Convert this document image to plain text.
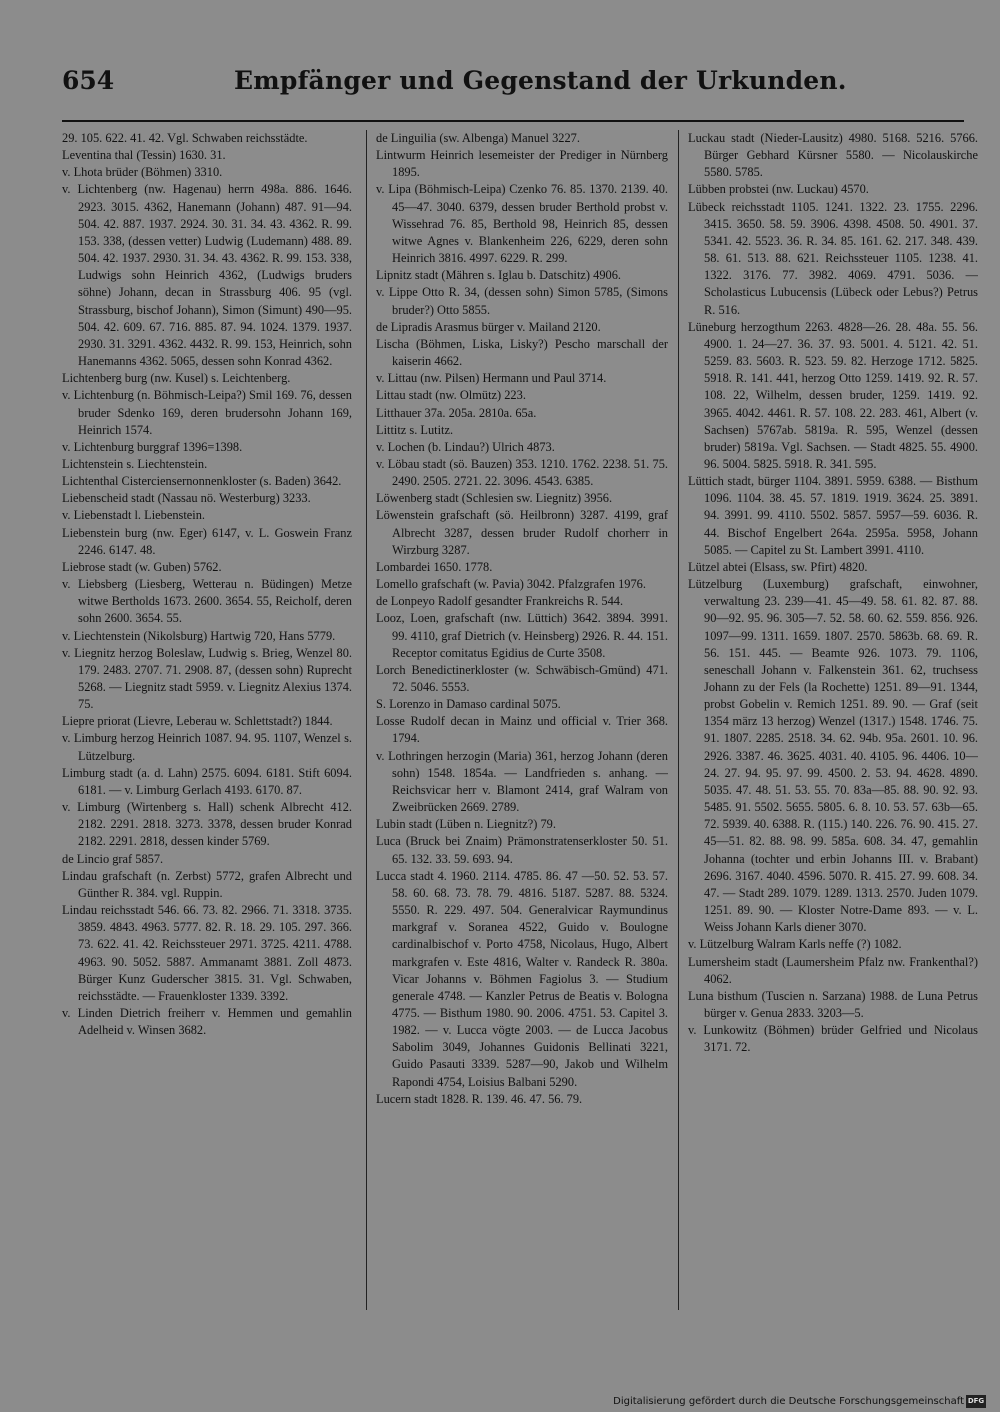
654	Empfänger und Gegenstand der Urkunden.

29. 105. 622. 41. 42. Vgl. Schwaben reichsstädte.

Leventina thal (Tessin) 1630. 31.

v. Lhota brüder (Böhmen) 3310.

v. Lichtenberg (nw. Hagenau) herrn 498a. 886. 1646. 2923. 3015. 4362, Hanemann (Johann) 487. 91—94. 504. 42. 887. 1937. 2924. 30. 31. 34. 43. 4362. R. 99. 153. 338, (dessen vetter) Ludwig (Ludemann) 488. 89. 504. 42. 1937. 2930. 31. 34. 43. 4362. R. 99. 153. 338, Ludwigs sohn Heinrich 4362, (Ludwigs bruders söhne) Johann, decan in Strassburg 406. 95 (vgl. Strassburg, bischof Johann), Simon (Simunt) 490—95. 504. 42. 609. 67. 716. 885. 87. 94. 1024. 1379. 1937. 2930. 31. 3291. 4362. 4432. R. 99. 153, Heinrich, sohn Hanemanns 4362. 5065, dessen sohn Konrad 4362.

Lichtenberg burg (nw. Kusel) s. Leichtenberg.

v. Lichtenburg (n. Böhmisch-Leipa?) Smil 169. 76, dessen bruder Sdenko 169, deren brudersohn Johann 169, Heinrich 1574.

v. Lichtenburg burggraf 1396=1398.

Lichtenstein s. Liechtenstein.

Lichtenthal Cisterciensernonnenkloster (s. Baden) 3642.

Liebenscheid stadt (Nassau nö. Westerburg) 3233.

v. Liebenstadt l. Liebenstein.

Liebenstein burg (nw. Eger) 6147, v. L. Goswein Franz 2246. 6147. 48.

Liebrose stadt (w. Guben) 5762.

v. Liebsberg (Liesberg, Wetterau n. Büdingen) Metze witwe Bertholds 1673. 2600. 3654. 55, Reicholf, deren sohn 2600. 3654. 55.

v. Liechtenstein (Nikolsburg) Hartwig 720, Hans 5779.

v. Liegnitz herzog Boleslaw, Ludwig s. Brieg, Wenzel 80. 179. 2483. 2707. 71. 2908. 87, (dessen sohn) Ruprecht 5268. — Liegnitz stadt 5959. v. Liegnitz Alexius 1374. 75.

Liepre priorat (Lievre, Leberau w. Schlettstadt?) 1844.

v. Limburg herzog Heinrich 1087. 94. 95. 1107, Wenzel s. Lützelburg.

Limburg stadt (a. d. Lahn) 2575. 6094. 6181. Stift 6094. 6181. — v. Limburg Gerlach 4193. 6170. 87.

v. Limburg (Wirtenberg s. Hall) schenk Albrecht 412. 2182. 2291. 2818. 3273. 3378, dessen bruder Konrad 2182. 2291. 2818, dessen kinder 5769.

de Lincio graf 5857.

Lindau grafschaft (n. Zerbst) 5772, grafen Albrecht und Günther R. 384. vgl. Ruppin.

Lindau reichsstadt 546. 66. 73. 82. 2966. 71. 3318. 3735. 3859. 4843. 4963. 5777. 82. R. 18. 29. 105. 297. 366. 73. 622. 41. 42. Reichssteuer 2971. 3725. 4211. 4788. 4963. 90. 5052. 5887. Ammanamt 3881. Zoll 4873. Bürger Kunz Guderscher 3815. 31. Vgl. Schwaben, reichsstädte. — Frauenkloster 1339. 3392.

v. Linden Dietrich freiherr v. Hemmen und gemahlin Adelheid v. Winsen 3682.

de Linguilia (sw. Albenga) Manuel 3227.

Lintwurm Heinrich lesemeister der Prediger in Nürnberg 1895.

v. Lipa (Böhmisch-Leipa) Czenko 76. 85. 1370. 2139. 40. 45—47. 3040. 6379, dessen bruder Berthold probst v. Wissehrad 76. 85, Berthold 98, Heinrich 85, dessen witwe Agnes v. Blankenheim 226, 6229, deren sohn Heinrich 3816. 4997. 6229. R. 299.

Lipnitz stadt (Mähren s. Iglau b. Datschitz) 4906.

v. Lippe Otto R. 34, (dessen sohn) Simon 5785, (Simons bruder?) Otto 5855.

de Lipradis Arasmus bürger v. Mailand 2120.

Lischa (Böhmen, Liska, Lisky?) Pescho marschall der kaiserin 4662.

v. Littau (nw. Pilsen) Hermann und Paul 3714.

Littau stadt (nw. Olmütz) 223.

Litthauer 37a. 205a. 2810a. 65a.

Littitz s. Lutitz.

v. Lochen (b. Lindau?) Ulrich 4873.

v. Löbau stadt (sö. Bauzen) 353. 1210. 1762. 2238. 51. 75. 2490. 2505. 2721. 22. 3096. 4543. 6385.

Löwenberg stadt (Schlesien sw. Liegnitz) 3956.

Löwenstein grafschaft (sö. Heilbronn) 3287. 4199, graf Albrecht 3287, dessen bruder Rudolf chorherr in Wirzburg 3287.

Lombardei 1650. 1778.

Lomello grafschaft (w. Pavia) 3042. Pfalzgrafen 1976.

de Lonpeyo Radolf gesandter Frankreichs R. 544.

Looz, Loen, grafschaft (nw. Lüttich) 3642. 3894. 3991. 99. 4110, graf Dietrich (v. Heinsberg) 2926. R. 44. 151. Receptor comitatus Egidius de Curte 3508.

Lorch Benedictinerkloster (w. Schwäbisch-Gmünd) 471. 72. 5046. 5553.

S. Lorenzo in Damaso cardinal 5075.

Losse Rudolf decan in Mainz und official v. Trier 368. 1794.

v. Lothringen herzogin (Maria) 361, herzog Johann (deren sohn) 1548. 1854a. — Landfrieden s. anhang. — Reichsvicar herr v. Blamont 2414, graf Walram von Zweibrücken 2669. 2789.

Lubin stadt (Lüben n. Liegnitz?) 79.

Luca (Bruck bei Znaim) Prämonstratenserkloster 50. 51. 65. 132. 33. 59. 693. 94.

Lucca stadt 4. 1960. 2114. 4785. 86. 47 —50. 52. 53. 57. 58. 60. 68. 73. 78. 79. 4816. 5187. 5287. 88. 5324. 5550. R. 229. 497. 504. Generalvicar Raymundinus markgraf v. Soranea 4522, Guido v. Boulogne cardinalbischof v. Porto 4758, Nicolaus, Hugo, Albert markgrafen v. Este 4816, Walter v. Randeck R. 380a. Vicar Johanns v. Böhmen Fagiolus 3. — Studium generale 4748. — Kanzler Petrus de Beatis v. Bologna 4775. — Bisthum 1980. 90. 2006. 4751. 53. Capitel 3. 1982. — v. Lucca vögte 2003. — de Lucca Jacobus Sabolim 3049, Johannes Guidonis Bellinati 3221, Guido Pasauti 3339. 5287—90, Jakob und Wilhelm Rapondi 4754, Loisius Balbani 5290.

Lucern stadt 1828. R. 139. 46. 47. 56. 79.

Luckau stadt (Nieder-Lausitz) 4980. 5168. 5216. 5766. Bürger Gebhard Kürsner 5580. — Nicolauskirche 5580. 5785.

Lübben probstei (nw. Luckau) 4570.

Lübeck reichsstadt 1105. 1241. 1322. 23. 1755. 2296. 3415. 3650. 58. 59. 3906. 4398. 4508. 50. 4901. 37. 5341. 42. 5523. 36. R. 34. 85. 161. 62. 217. 348. 439. 58. 61. 513. 88. 621. Reichssteuer 1105. 1238. 41. 1322. 3176. 77. 3982. 4069. 4791. 5036. — Scholasticus Lubucensis (Lübeck oder Lebus?) Petrus R. 516.

Lüneburg herzogthum 2263. 4828—26. 28. 48a. 55. 56. 4900. 1. 24—27. 36. 37. 93. 5001. 4. 5121. 42. 51. 5259. 83. 5603. R. 523. 59. 82. Herzoge 1712. 5825. 5918. R. 141. 441, herzog Otto 1259. 1419. 92. R. 57. 108. 22, Wilhelm, dessen bruder, 1259. 1419. 92. 3965. 4042. 4461. R. 57. 108. 22. 283. 461, Albert (v. Sachsen) 5767ab. 5819a. R. 595, Wenzel (dessen bruder) 5819a. Vgl. Sachsen. — Stadt 4825. 55. 4900. 96. 5004. 5825. 5918. R. 341. 595.

Lüttich stadt, bürger 1104. 3891. 5959. 6388. — Bisthum 1096. 1104. 38. 45. 57. 1819. 1919. 3624. 25. 3891. 94. 3991. 99. 4110. 5502. 5857. 5957—59. 6036. R. 44. Bischof Engelbert 264a. 2595a. 5958, Johann 5085. — Capitel zu St. Lambert 3991. 4110.

Lützel abtei (Elsass, sw. Pfirt) 4820.

Lützelburg (Luxemburg) grafschaft, einwohner, verwaltung 23. 239—41. 45—49. 58. 61. 82. 87. 88. 90—92. 95. 96. 305—7. 52. 58. 60. 62. 559. 856. 926. 1097—99. 1311. 1659. 1807. 2570. 5863b. 68. 69. R. 56. 151. 445. — Beamte 926. 1073. 79. 1106, seneschall Johann v. Falkenstein 361. 62, truchsess Johann zu der Fels (la Rochette) 1251. 89—91. 1344, probst Gobelin v. Remich 1251. 89. 90. — Graf (seit 1354 märz 13 herzog) Wenzel (1317.) 1548. 1746. 75. 91. 1807. 2285. 2518. 34. 62. 94b. 95a. 2601. 10. 96. 2926. 3387. 46. 3625. 4031. 40. 4105. 96. 4406. 10—24. 27. 94. 95. 97. 99. 4500. 2. 53. 94. 4628. 4890. 5035. 47. 48. 51. 53. 55. 70. 83a—85. 88. 90. 92. 93. 5485. 91. 5502. 5655. 5805. 6. 8. 10. 53. 57. 63b—65. 72. 5939. 40. 6388. R. (115.) 140. 226. 76. 90. 415. 27. 45—51. 82. 88. 98. 99. 585a. 608. 34. 47, gemahlin Johanna (tochter und erbin Johanns III. v. Brabant) 2696. 3167. 4040. 4596. 5070. R. 415. 27. 99. 608. 34. 47. — Stadt 289. 1079. 1289. 1313. 2570. Juden 1079. 1251. 89. 90. — Kloster Notre-Dame 893. — v. L. Weiss Johann Karls diener 3070.

v. Lützelburg Walram Karls neffe (?) 1082.

Lumersheim stadt (Laumersheim Pfalz nw. Frankenthal?) 4062.

Luna bisthum (Tuscien n. Sarzana) 1988. de Luna Petrus bürger v. Genua 2833. 3203—5.

v. Lunkowitz (Böhmen) brüder Gelfried und Nicolaus 3171. 72.

Digitalisierung gefördert durch die Deutsche Forschungsgemeinschaft DFG
